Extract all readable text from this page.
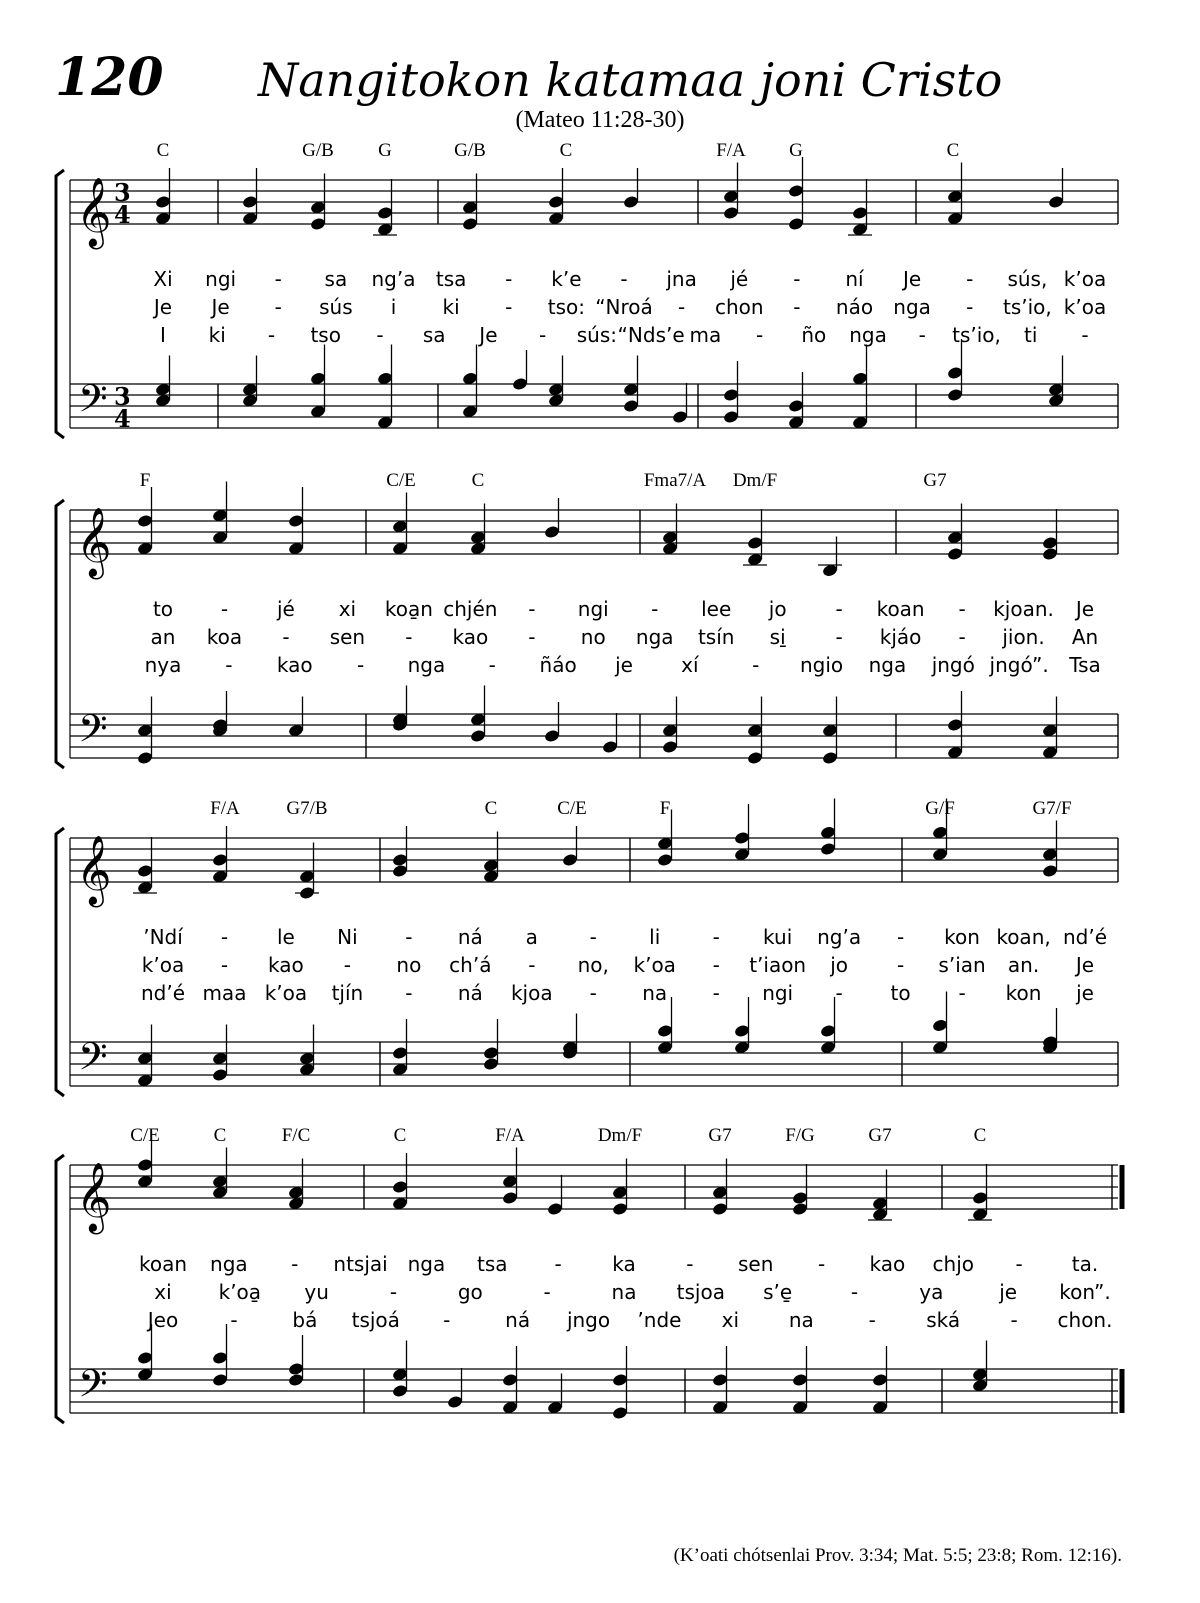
120 Nangitokon katamaa joni Cristo
(Mateo 11:28-30)
𝄞
𝄢
3
4
3
4
C	G/B G	G/B	C	F/A G	C
Xi ngi - sa ng’a tsa - k’e - jna jé - ní Je - sús, k’oa
Je Je - sús i ki - tso: “Nroá - chon - náo nga - ts’io, k’oa
I ki - tso - sa Je - sús: “Nds’e ma - ño nga - ts’io, ti -
𝄞
𝄢
F	C/E	C	Fma7/A Dm/F	G7
to - jé xi koa̱n chjén - ngi - lee jo - koan - kjoan. Je
an koa - sen - kao - no nga tsín si̱ - kjáo - jion. An
nya - kao - nga - ñáo je xí	- ngio nga jngó jngó”. Tsa
𝄞
𝄢
F/A G7/B	C	C/E	F	G/F	G7/F
’Ndí - le Ni - ná a	-	li	- kui ng’a - kon koan, nd’é
k’oa - kao - no ch’á - no, k’oa - t’iaon jo - s’ian an. Je
nd’é maa k’oa tjín - ná kjoa - na - ngi - to - kon je
𝄞
𝄢
C/E	C	F/C	C	F/A	Dm/F	G7	F/G	G7	C
koan nga - ntsjai nga tsa -	ka	- sen - kao chjo - ta.
xi k’oa̱ yu	-	go	-	na tsjoa s’e̱	-	ya	je kon”.
Jeo	-	bá tsjoá -	ná jngo ’nde xi na	-	ská	- chon.
(K’oati chótsenlai Prov. 3:34; Mat. 5:5; 23:8; Rom. 12:16).
